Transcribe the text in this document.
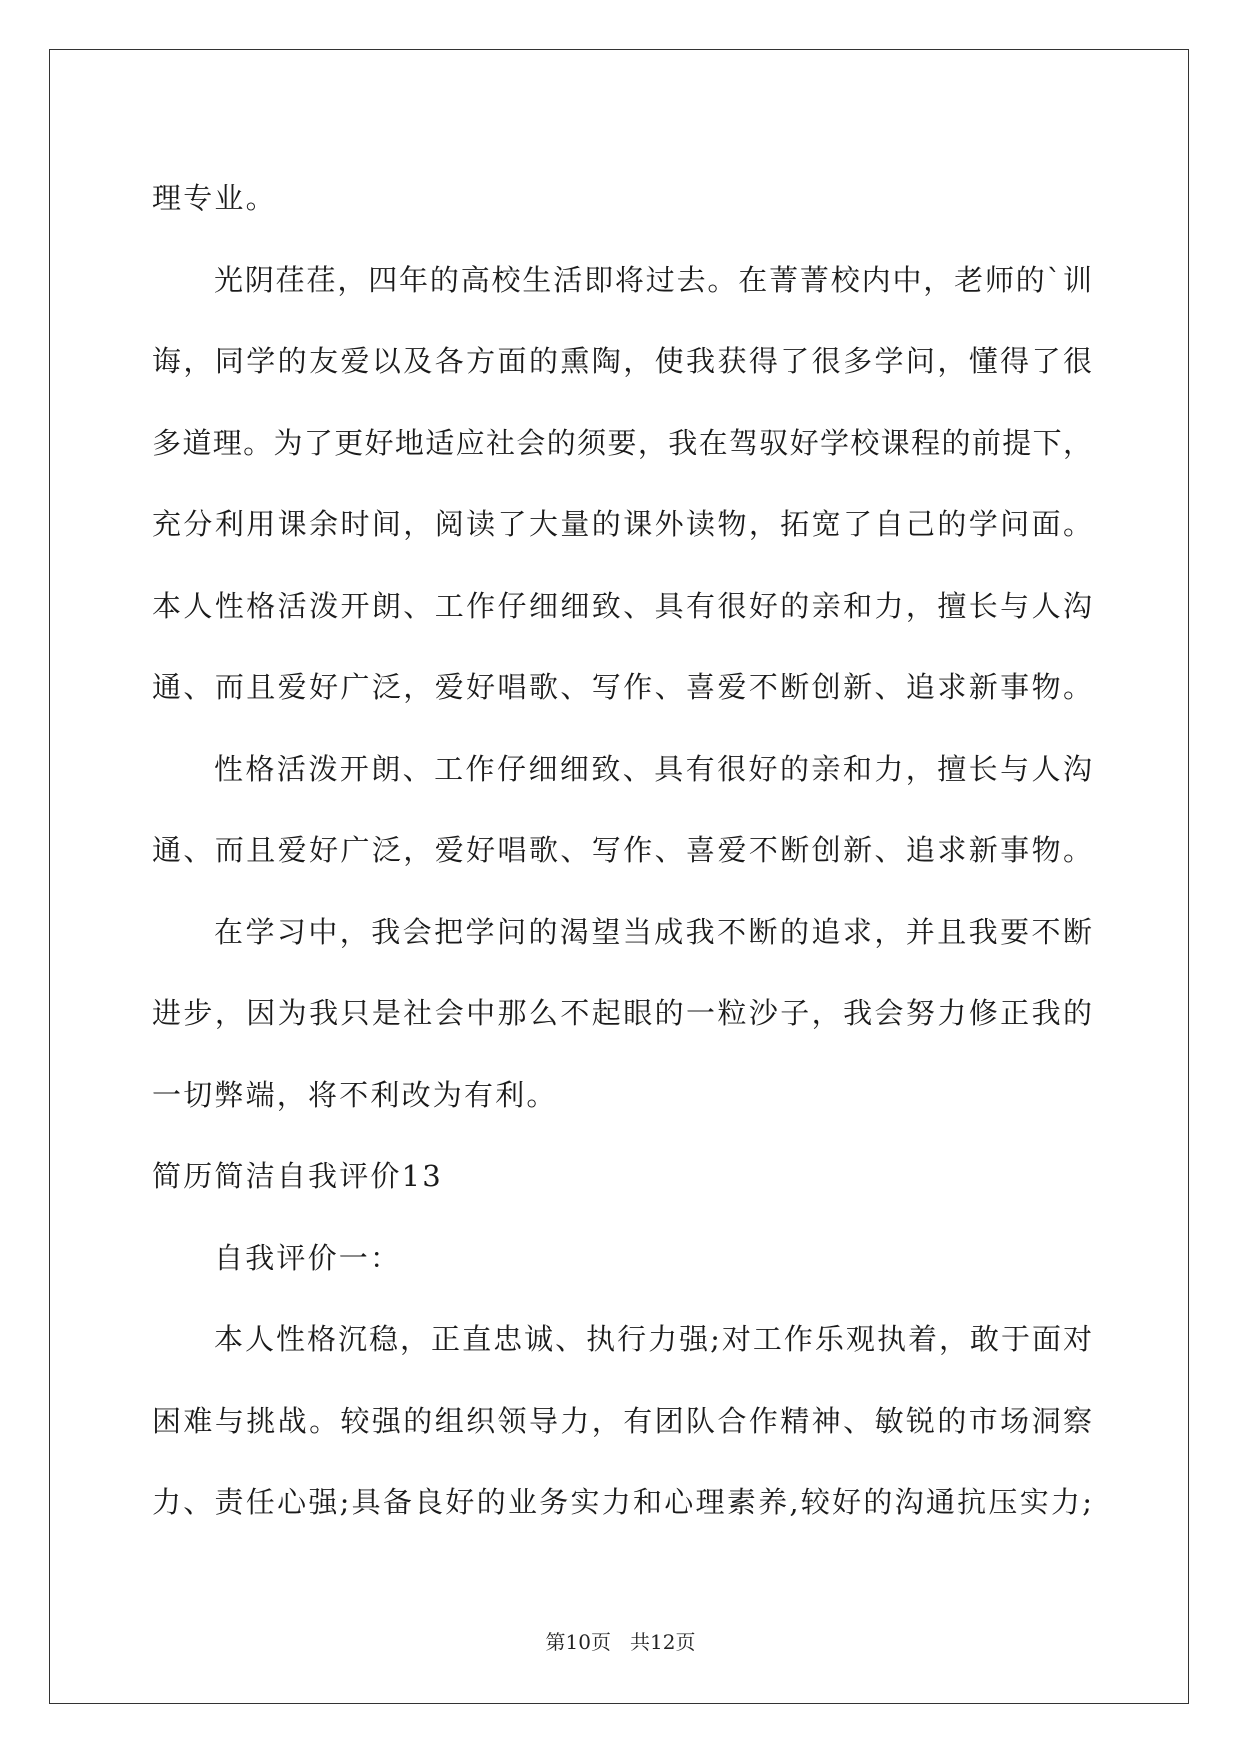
理专业。
光阴荏荏，四年的高校生活即将过去。在菁菁校内中，老师的`训
诲，同学的友爱以及各方面的熏陶，使我获得了很多学问，懂得了很
多道理。为了更好地适应社会的须要，我在驾驭好学校课程的前提下，
充分利用课余时间，阅读了大量的课外读物，拓宽了自己的学问面。
本人性格活泼开朗、工作仔细细致、具有很好的亲和力，擅长与人沟
通、而且爱好广泛，爱好唱歌、写作、喜爱不断创新、追求新事物。
性格活泼开朗、工作仔细细致、具有很好的亲和力，擅长与人沟
通、而且爱好广泛，爱好唱歌、写作、喜爱不断创新、追求新事物。
在学习中，我会把学问的渴望当成我不断的追求，并且我要不断
进步，因为我只是社会中那么不起眼的一粒沙子，我会努力修正我的
一切弊端，将不利改为有利。
简历简洁自我评价13
自我评价一：
本人性格沉稳，正直忠诚、执行力强;对工作乐观执着，敢于面对
困难与挑战。较强的组织领导力，有团队合作精神、敏锐的市场洞察
力、责任心强;具备良好的业务实力和心理素养,较好的沟通抗压实力;
第10页 共12页
